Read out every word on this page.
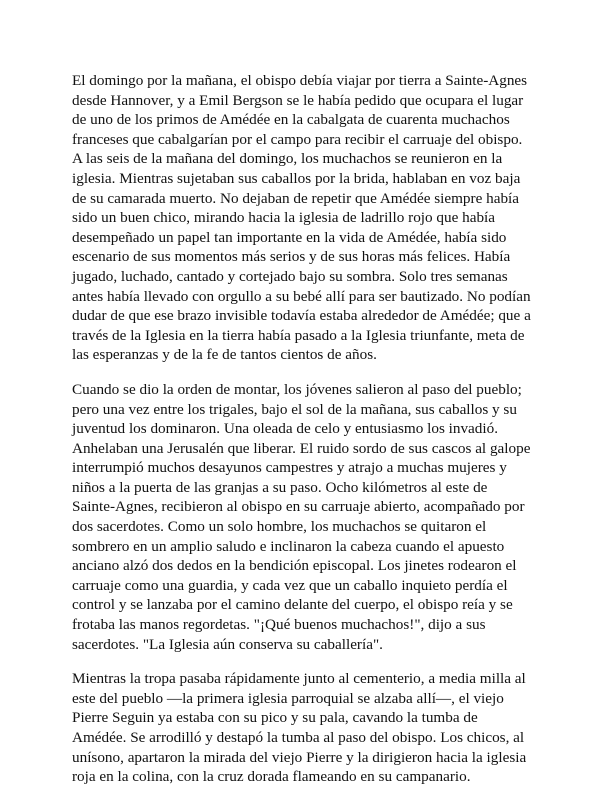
El domingo por la mañana, el obispo debía viajar por tierra a Sainte-Agnes desde Hannover, y a Emil Bergson se le había pedido que ocupara el lugar de uno de los primos de Amédée en la cabalgata de cuarenta muchachos franceses que cabalgarían por el campo para recibir el carruaje del obispo. A las seis de la mañana del domingo, los muchachos se reunieron en la iglesia. Mientras sujetaban sus caballos por la brida, hablaban en voz baja de su camarada muerto. No dejaban de repetir que Amédée siempre había sido un buen chico, mirando hacia la iglesia de ladrillo rojo que había desempeñado un papel tan importante en la vida de Amédée, había sido escenario de sus momentos más serios y de sus horas más felices. Había jugado, luchado, cantado y cortejado bajo su sombra. Solo tres semanas antes había llevado con orgullo a su bebé allí para ser bautizado. No podían dudar de que ese brazo invisible todavía estaba alrededor de Amédée; que a través de la Iglesia en la tierra había pasado a la Iglesia triunfante, meta de las esperanzas y de la fe de tantos cientos de años.

Cuando se dio la orden de montar, los jóvenes salieron al paso del pueblo; pero una vez entre los trigales, bajo el sol de la mañana, sus caballos y su juventud los dominaron. Una oleada de celo y entusiasmo los invadió. Anhelaban una Jerusalén que liberar. El ruido sordo de sus cascos al galope interrumpió muchos desayunos campestres y atrajo a muchas mujeres y niños a la puerta de las granjas a su paso. Ocho kilómetros al este de Sainte-Agnes, recibieron al obispo en su carruaje abierto, acompañado por dos sacerdotes. Como un solo hombre, los muchachos se quitaron el sombrero en un amplio saludo e inclinaron la cabeza cuando el apuesto anciano alzó dos dedos en la bendición episcopal. Los jinetes rodearon el carruaje como una guardia, y cada vez que un caballo inquieto perdía el control y se lanzaba por el camino delante del cuerpo, el obispo reía y se frotaba las manos regordetas. "¡Qué buenos muchachos!", dijo a sus sacerdotes. "La Iglesia aún conserva su caballería".

Mientras la tropa pasaba rápidamente junto al cementerio, a media milla al este del pueblo —la primera iglesia parroquial se alzaba allí—, el viejo Pierre Seguin ya estaba con su pico y su pala, cavando la tumba de Amédée. Se arrodilló y destapó la tumba al paso del obispo. Los chicos, al unísono, apartaron la mirada del viejo Pierre y la dirigieron hacia la iglesia roja en la colina, con la cruz dorada flameando en su campanario.
